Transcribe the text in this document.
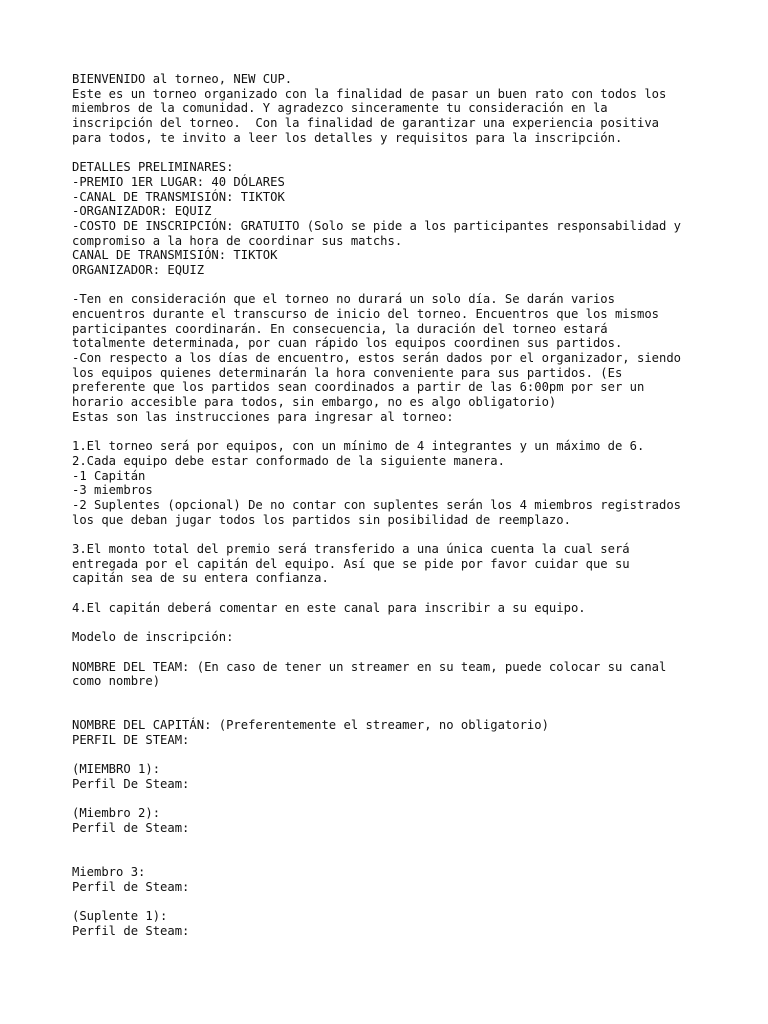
BIENVENIDO al torneo, NEW CUP.

Este es un torneo organizado con la finalidad de pasar un buen rato con todos los

miembros de la comunidad. Y agradezco sinceramente tu consideración en la

inscripción del torneo.  Con la finalidad de garantizar una experiencia positiva

para todos, te invito a leer los detalles y requisitos para la inscripción.

DETALLES PRELIMINARES:

-PREMIO 1ER LUGAR: 40 DÓLARES

-CANAL DE TRANSMISIÓN: TIKTOK

-ORGANIZADOR: EQUIZ

-COSTO DE INSCRIPCIÓN: GRATUITO (Solo se pide a los participantes responsabilidad y

compromiso a la hora de coordinar sus matchs.

CANAL DE TRANSMISIÓN: TIKTOK

ORGANIZADOR: EQUIZ

-Ten en consideración que el torneo no durará un solo día. Se darán varios

encuentros durante el transcurso de inicio del torneo. Encuentros que los mismos

participantes coordinarán. En consecuencia, la duración del torneo estará

totalmente determinada, por cuan rápido los equipos coordinen sus partidos.

-Con respecto a los días de encuentro, estos serán dados por el organizador, siendo

los equipos quienes determinarán la hora conveniente para sus partidos. (Es

preferente que los partidos sean coordinados a partir de las 6:00pm por ser un

horario accesible para todos, sin embargo, no es algo obligatorio)

Estas son las instrucciones para ingresar al torneo:

1.El torneo será por equipos, con un mínimo de 4 integrantes y un máximo de 6.

2.Cada equipo debe estar conformado de la siguiente manera.

-1 Capitán

-3 miembros

-2 Suplentes (opcional) De no contar con suplentes serán los 4 miembros registrados

los que deban jugar todos los partidos sin posibilidad de reemplazo.

3.El monto total del premio será transferido a una única cuenta la cual será

entregada por el capitán del equipo. Así que se pide por favor cuidar que su

capitán sea de su entera confianza.

4.El capitán deberá comentar en este canal para inscribir a su equipo.

Modelo de inscripción:

NOMBRE DEL TEAM: (En caso de tener un streamer en su team, puede colocar su canal

como nombre)

NOMBRE DEL CAPITÁN: (Preferentemente el streamer, no obligatorio)

PERFIL DE STEAM:

(MIEMBRO 1):

Perfil De Steam:

(Miembro 2):

Perfil de Steam:

Miembro 3:

Perfil de Steam:

(Suplente 1):

Perfil de Steam:
